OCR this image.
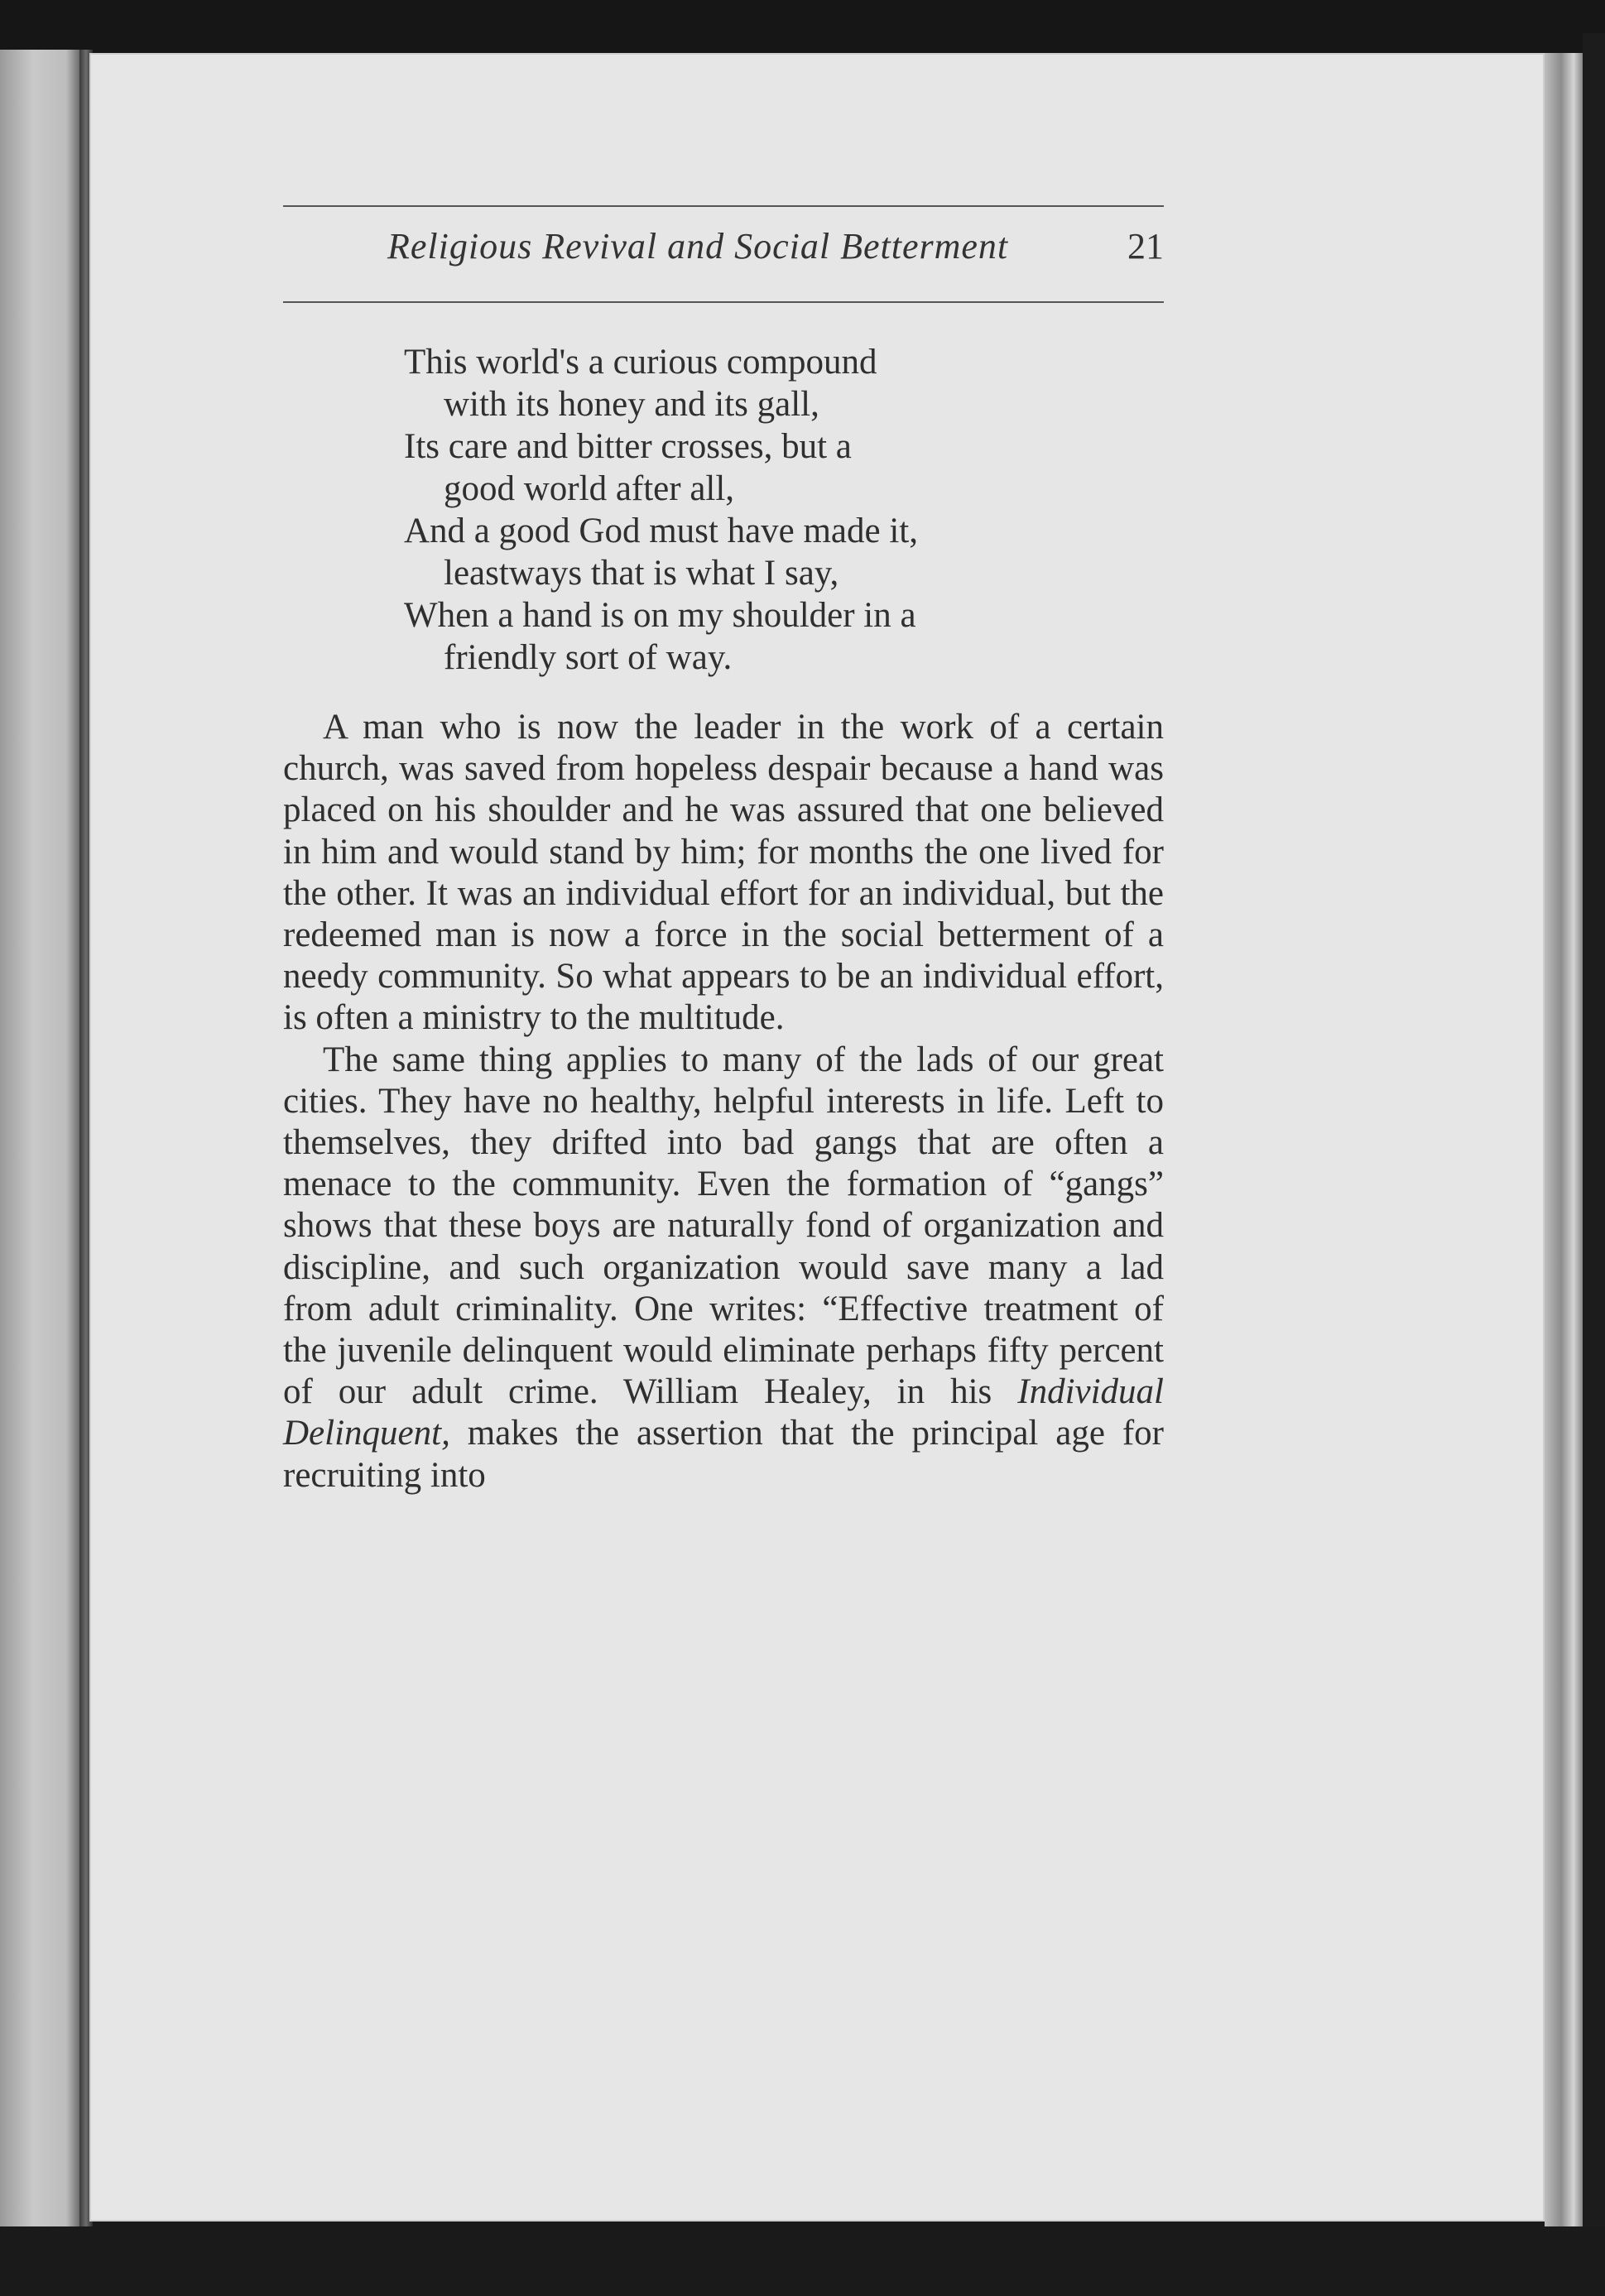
Religious Revival and Social Betterment	21
This world's a curious compound
with its honey and its gall,
Its care and bitter crosses, but a
good world after all,
And a good God must have made it,
leastways that is what I say,
When a hand is on my shoulder in a
friendly sort of way.

A man who is now the leader in the work of a certain church, was saved from hopeless despair because a hand was placed on his shoulder and he was assured that one believed in him and would stand by him; for months the one lived for the other. It was an individual effort for an individual, but the redeemed man is now a force in the social betterment of a needy community. So what appears to be an individual effort, is often a ministry to the multitude.

The same thing applies to many of the lads of our great cities. They have no healthy, helpful interests in life. Left to themselves, they drifted into bad gangs that are often a menace to the community. Even the formation of “gangs” shows that these boys are naturally fond of organization and discipline, and such organization would save many a lad from adult criminality. One writes: “Effective treatment of the juvenile delinquent would eliminate perhaps fifty percent of our adult crime. William Healey, in his Individual Delinquent, makes the assertion that the principal age for recruiting into
